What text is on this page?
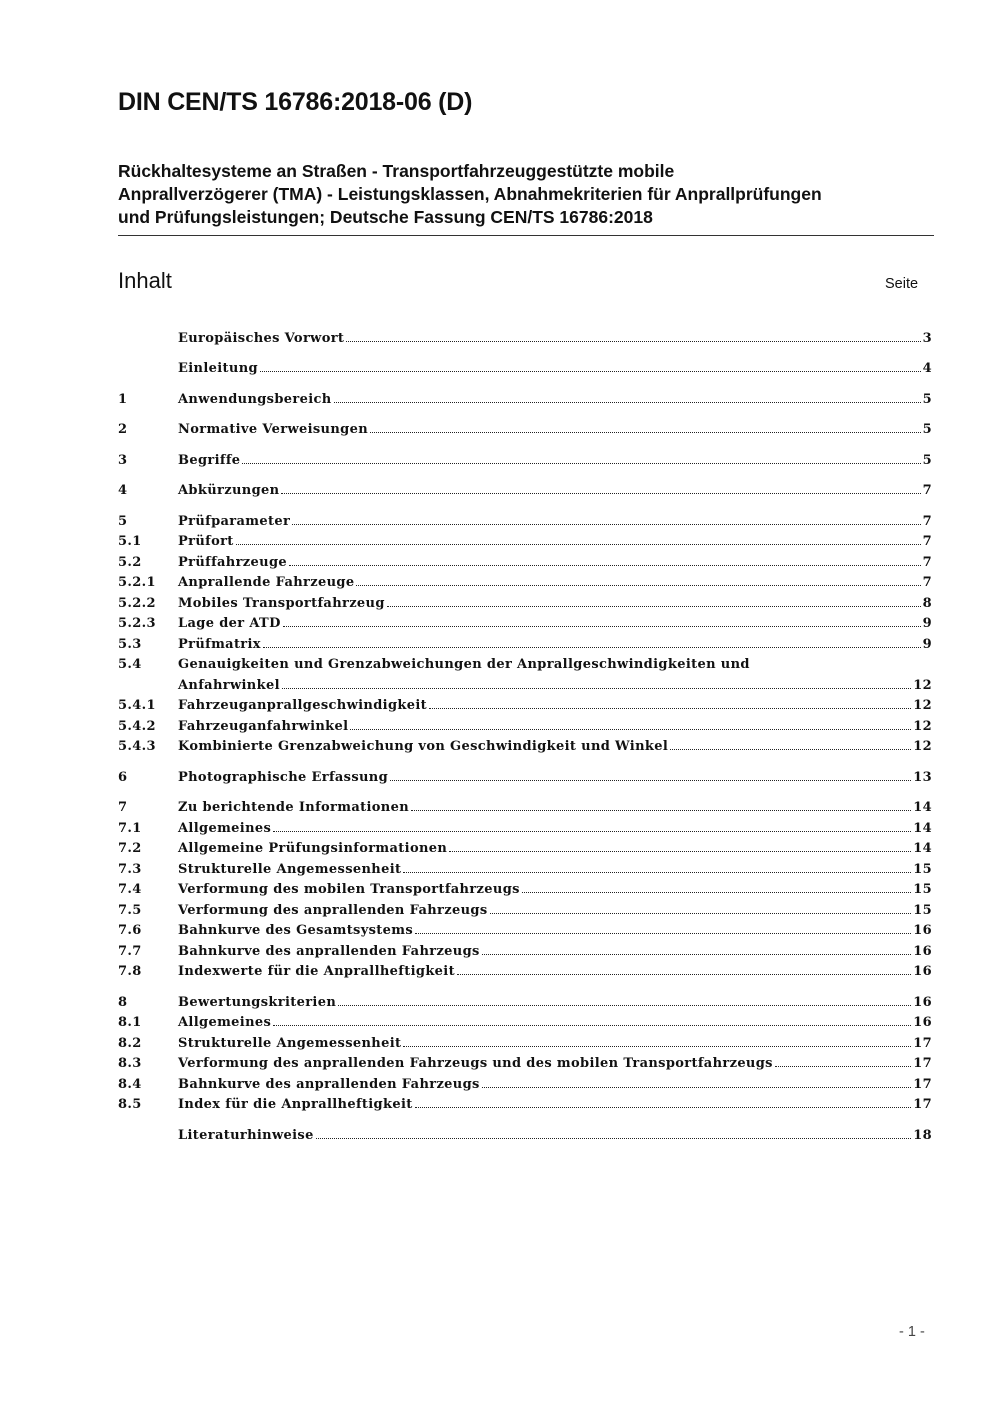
DIN CEN/TS 16786:2018-06 (D)
Rückhaltesysteme an Straßen - Transportfahrzeuggestützte mobile
Anprallverzögerer (TMA) - Leistungsklassen, Abnahmekriterien für Anprallprüfungen
und Prüfungsleistungen; Deutsche Fassung CEN/TS 16786:2018
Inhalt	Seite
Europäisches Vorwort	3
Einleitung	4
1	Anwendungsbereich	5
2	Normative Verweisungen	5
3	Begriffe	5
4	Abkürzungen	7
5	Prüfparameter	7
5.1	Prüfort	7
5.2	Prüffahrzeuge	7
5.2.1	Anprallende Fahrzeuge	7
5.2.2	Mobiles Transportfahrzeug	8
5.2.3	Lage der ATD	9
5.3	Prüfmatrix	9
5.4	Genauigkeiten und Grenzabweichungen der Anprallgeschwindigkeiten und
Anfahrwinkel	12
5.4.1	Fahrzeuganprallgeschwindigkeit	12
5.4.2	Fahrzeuganfahrwinkel	12
5.4.3	Kombinierte Grenzabweichung von Geschwindigkeit und Winkel	12
6	Photographische Erfassung	13
7	Zu berichtende Informationen	14
7.1	Allgemeines	14
7.2	Allgemeine Prüfungsinformationen	14
7.3	Strukturelle Angemessenheit	15
7.4	Verformung des mobilen Transportfahrzeugs	15
7.5	Verformung des anprallenden Fahrzeugs	15
7.6	Bahnkurve des Gesamtsystems	16
7.7	Bahnkurve des anprallenden Fahrzeugs	16
7.8	Indexwerte für die Anprallheftigkeit	16
8	Bewertungskriterien	16
8.1	Allgemeines	16
8.2	Strukturelle Angemessenheit	17
8.3	Verformung des anprallenden Fahrzeugs und des mobilen Transportfahrzeugs	17
8.4	Bahnkurve des anprallenden Fahrzeugs	17
8.5	Index für die Anprallheftigkeit	17
Literaturhinweise	18
- 1 -
